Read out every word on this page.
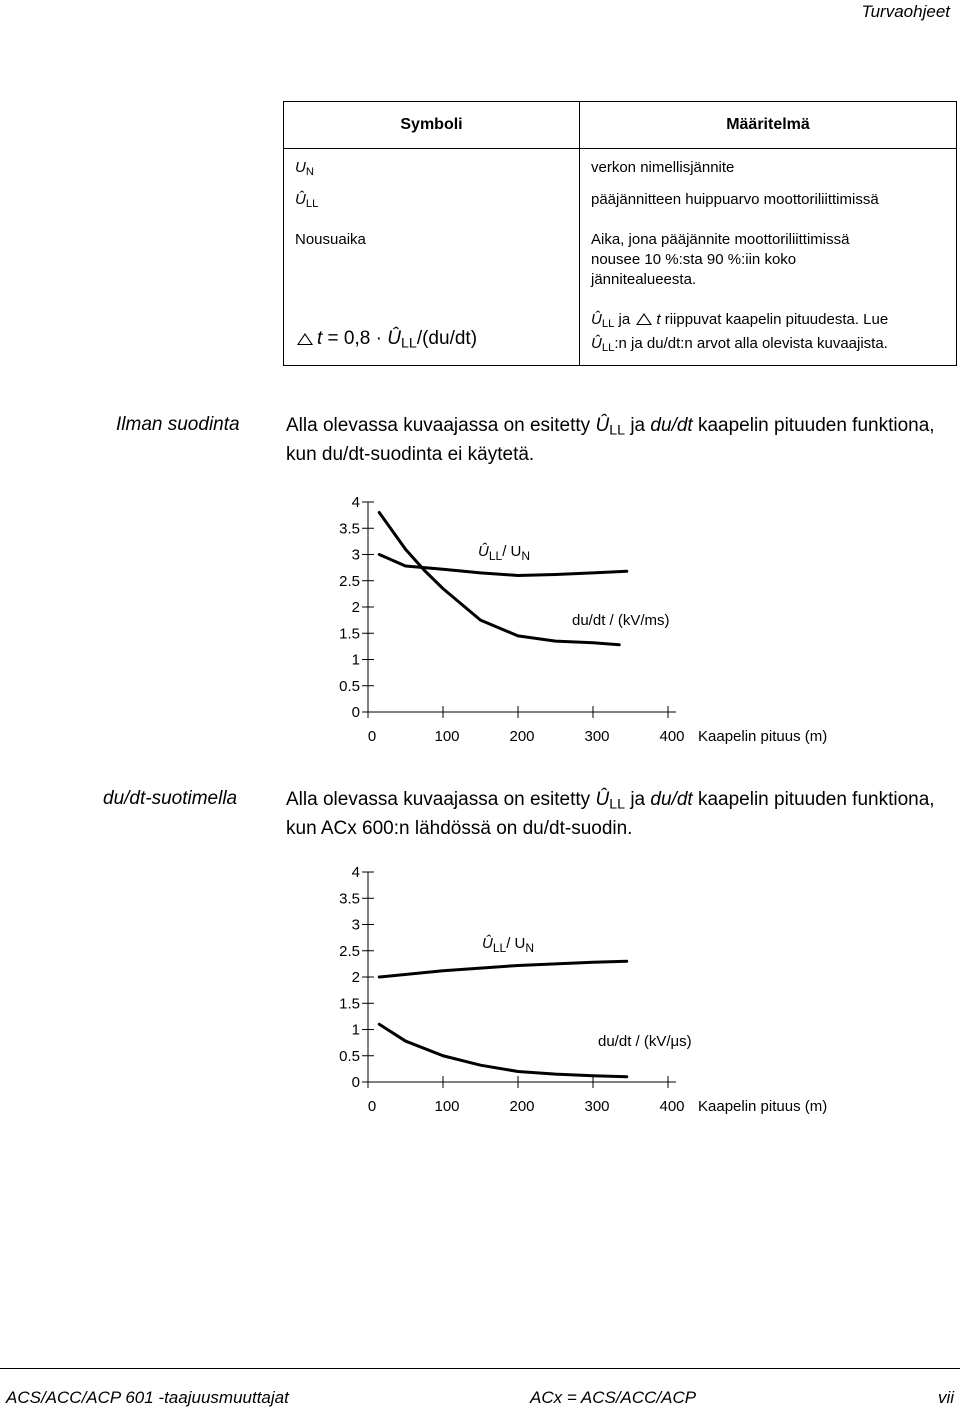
Turvaohjeet
Symboli	Määritelmä

$U_N$	verkon nimellisjännite

$Û_{LL}$	pääjännitteen huippuarvo moottoriliittimissä

Nousuaika	Aika, jona pääjännite moottoriliittimissä nousee 10 %:sta 90 %:iin koko jännitealueesta.

$t = 0,8 \cdot Û_{LL}/(du/dt)$	$Û_{LL}$ ja t riippuvat kaapelin pituudesta. Lue
$Û_{LL}:n$ ja du/dt:n arvot alla olevista kuvaajista.
Ilman suodinta Alla olevassa kuvaajassa on esitetty $Û_{LL}$ ja du/dt kaapelin pituuden funktiona, kun du/dt-suodinta ei käytetä.
0
0.5
1
1.5
2
2.5
3
3.5
4
0	100	200	300	400 Kaapelin pituus (m)
$Û_{LL}/$ $U_N$
du/dt / (kV/ms)
du/dt-suotimella	Alla olevassa kuvaajassa on esitetty $Û_{LL}$ ja du/dt kaapelin pituuden funktiona, kun ACx 600:n lähdössä on du/dt-suodin.
0
0.5
1
1.5
2
2.5
3
3.5
4
0	100	200	300	400 Kaapelin pituus (m)
$Û_{LL}/$ $U_N$
du/dt / (kV/μs)
ACS/ACC/ACP 601 -taajuusmuuttajat	ACx = ACS/ACC/ACP	vii
